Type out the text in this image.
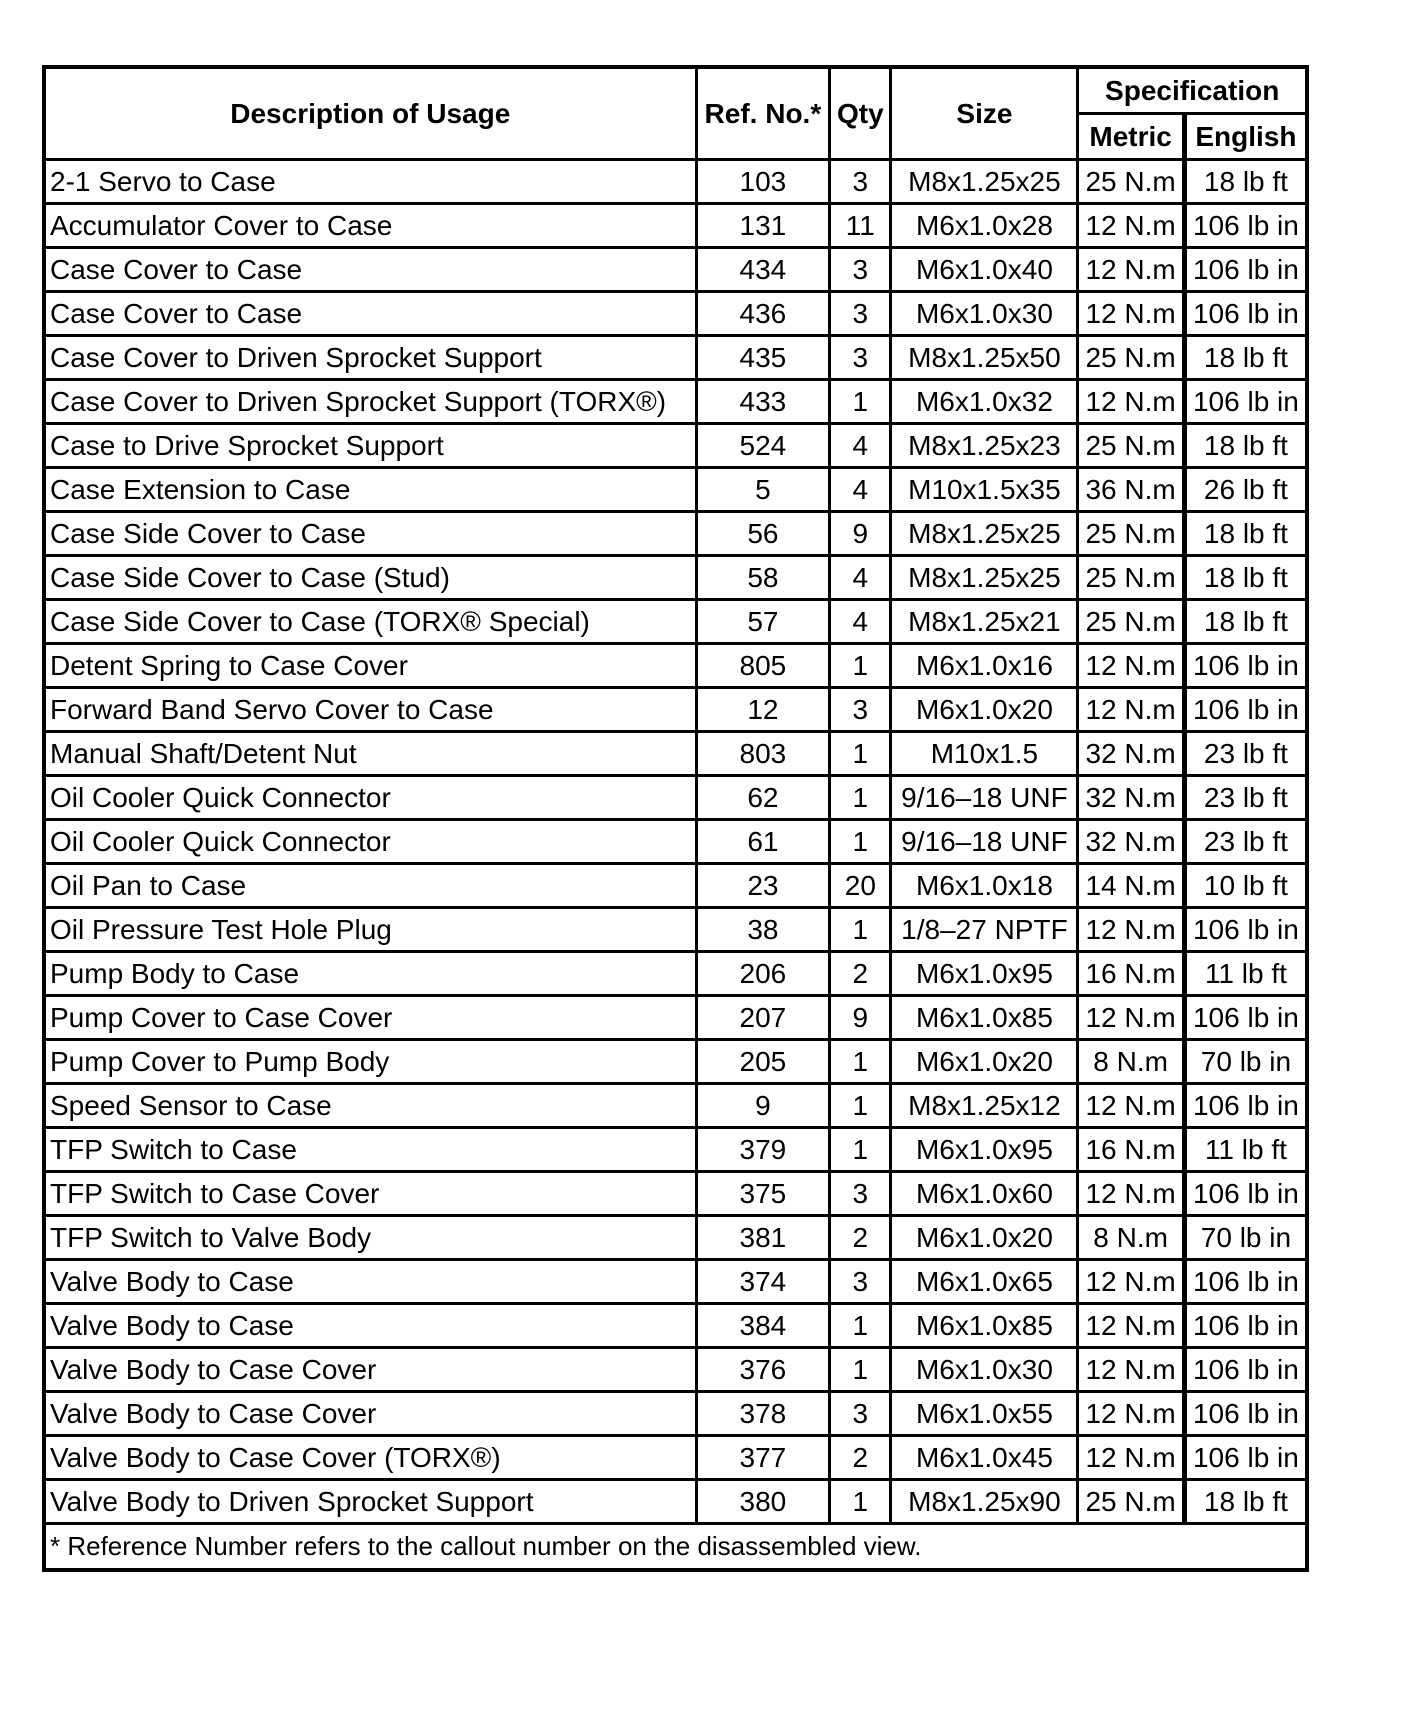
Description of Usage	Ref. No.*	Qty	Size	Specification	
				Metric	English
2-1 Servo to Case	103	3	M8x1.25x25	25 N.m	18 lb ft
Accumulator Cover to Case	131	11	M6x1.0x28	12 N.m	106 lb in
Case Cover to Case	434	3	M6x1.0x40	12 N.m	106 lb in
Case Cover to Case	436	3	M6x1.0x30	12 N.m	106 lb in
Case Cover to Driven Sprocket Support	435	3	M8x1.25x50	25 N.m	18 lb ft
Case Cover to Driven Sprocket Support (TORX®)	433	1	M6x1.0x32	12 N.m	106 lb in
Case to Drive Sprocket Support	524	4	M8x1.25x23	25 N.m	18 lb ft
Case Extension to Case	5	4	M10x1.5x35	36 N.m	26 lb ft
Case Side Cover to Case	56	9	M8x1.25x25	25 N.m	18 lb ft
Case Side Cover to Case (Stud)	58	4	M8x1.25x25	25 N.m	18 lb ft
Case Side Cover to Case (TORX® Special)	57	4	M8x1.25x21	25 N.m	18 lb ft
Detent Spring to Case Cover	805	1	M6x1.0x16	12 N.m	106 lb in
Forward Band Servo Cover to Case	12	3	M6x1.0x20	12 N.m	106 lb in
Manual Shaft/Detent Nut	803	1	M10x1.5	32 N.m	23 lb ft
Oil Cooler Quick Connector	62	1	9/16–18 UNF	32 N.m	23 lb ft
Oil Cooler Quick Connector	61	1	9/16–18 UNF	32 N.m	23 lb ft
Oil Pan to Case	23	20	M6x1.0x18	14 N.m	10 lb ft
Oil Pressure Test Hole Plug	38	1	1/8–27 NPTF	12 N.m	106 lb in
Pump Body to Case	206	2	M6x1.0x95	16 N.m	11 lb ft
Pump Cover to Case Cover	207	9	M6x1.0x85	12 N.m	106 lb in
Pump Cover to Pump Body	205	1	M6x1.0x20	8 N.m	70 lb in
Speed Sensor to Case	9	1	M8x1.25x12	12 N.m	106 lb in
TFP Switch to Case	379	1	M6x1.0x95	16 N.m	11 lb ft
TFP Switch to Case Cover	375	3	M6x1.0x60	12 N.m	106 lb in
TFP Switch to Valve Body	381	2	M6x1.0x20	8 N.m	70 lb in
Valve Body to Case	374	3	M6x1.0x65	12 N.m	106 lb in
Valve Body to Case	384	1	M6x1.0x85	12 N.m	106 lb in
Valve Body to Case Cover	376	1	M6x1.0x30	12 N.m	106 lb in
Valve Body to Case Cover	378	3	M6x1.0x55	12 N.m	106 lb in
Valve Body to Case Cover (TORX®)	377	2	M6x1.0x45	12 N.m	106 lb in
Valve Body to Driven Sprocket Support	380	1	M8x1.25x90	25 N.m	18 lb ft
* Reference Number refers to the callout number on the disassembled view.					
